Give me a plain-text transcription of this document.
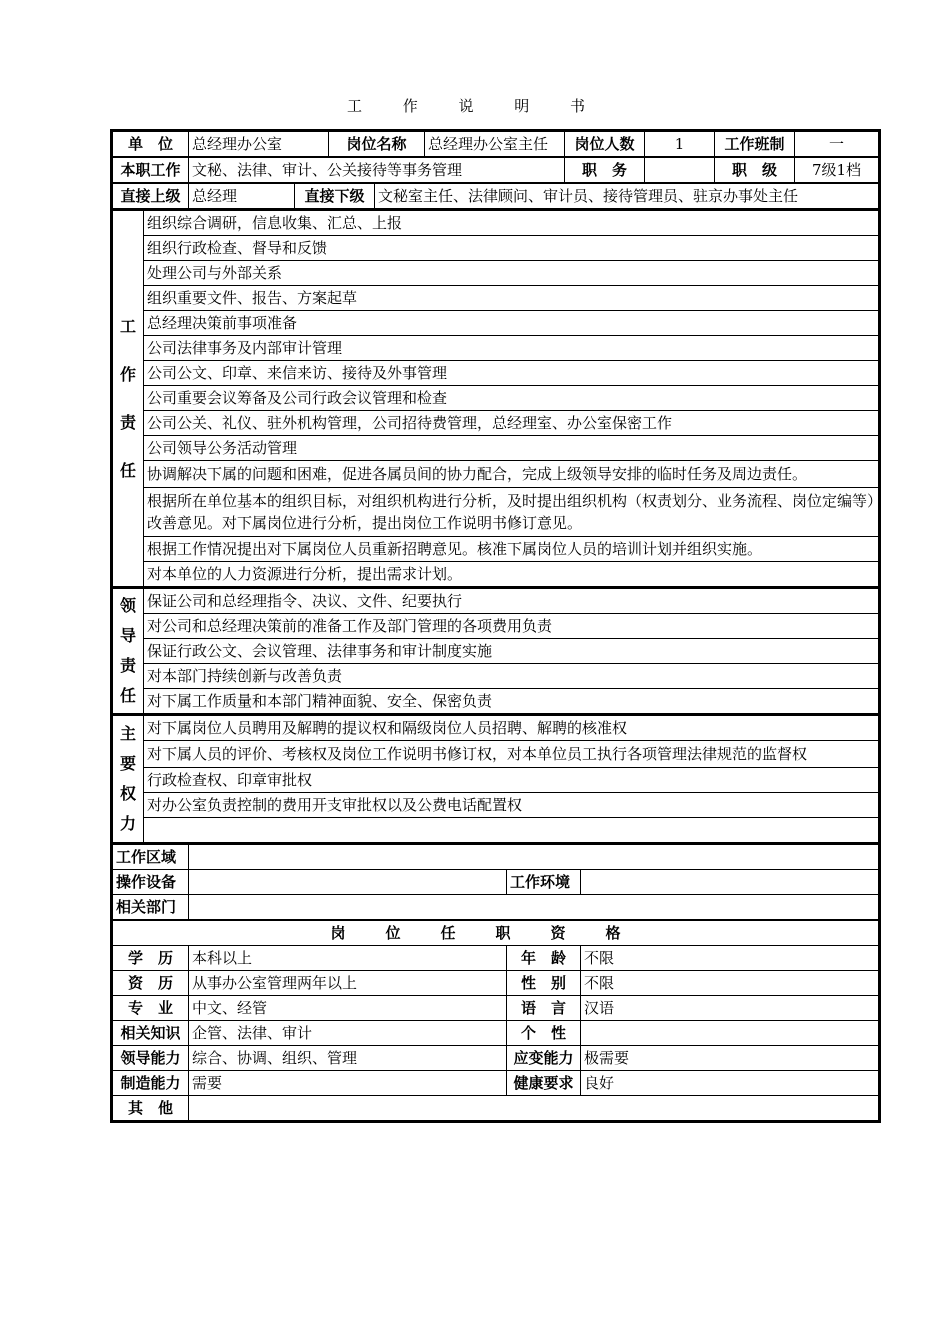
工 作 说 明 书
单　位	总经理办公室	岗位名称	总经理办公室主任	岗位人数	1	工作班制	一
本职工作	文秘、法律、审计、公关接待等事务管理	职　务		职　级	7级1档
直接上级	总经理	直接下级	文秘室主任、法律顾问、审计员、接待管理员、驻京办事处主任
工
作
责
任
	组织综合调研，信息收集、汇总、上报
组织行政检查、督导和反馈
处理公司与外部关系
组织重要文件、报告、方案起草
总经理决策前事项准备
公司法律事务及内部审计管理
公司公文、印章、来信来访、接待及外事管理
公司重要会议筹备及公司行政会议管理和检查
公司公关、礼仪、驻外机构管理，公司招待费管理，总经理室、办公室保密工作
公司领导公务活动管理
协调解决下属的问题和困难，促进各属员间的协力配合，完成上级领导安排的临时任务及周边责任。
根据所在单位基本的组织目标，对组织机构进行分析，及时提出组织机构（权责划分、业务流程、岗位定编等）改善意见。对下属岗位进行分析，提出岗位工作说明书修订意见。
根据工作情况提出对下属岗位人员重新招聘意见。核准下属岗位人员的培训计划并组织实施。
对本单位的人力资源进行分析，提出需求计划。
领
导
责
任
	保证公司和总经理指令、决议、文件、纪要执行
对公司和总经理决策前的准备工作及部门管理的各项费用负责
保证行政公文、会议管理、法律事务和审计制度实施
对本部门持续创新与改善负责
对下属工作质量和本部门精神面貌、安全、保密负责
主
要
权
力
	对下属岗位人员聘用及解聘的提议权和隔级岗位人员招聘、解聘的核准权
对下属人员的评价、考核权及岗位工作说明书修订权，对本单位员工执行各项管理法律规范的监督权
行政检查权、印章审批权
对办公室负责控制的费用开支审批权以及公费电话配置权

工作区域			
操作设备		工作环境	
相关部门			
岗位任职资格			
学　历	本科以上	年　龄	不限
资　历	从事办公室管理两年以上	性　别	不限
专　业	中文、经管	语　言	汉语
相关知识	企管、法律、审计	个　性	
领导能力	综合、协调、组织、管理	应变能力	极需要
制造能力	需要	健康要求	良好
其　他			
